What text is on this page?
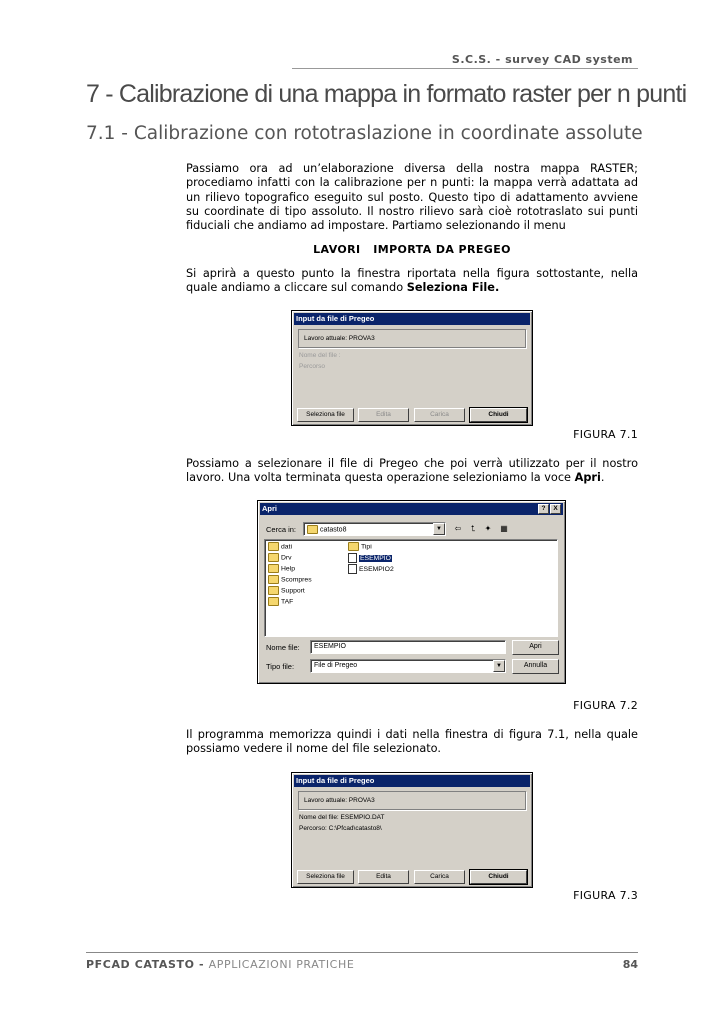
S.C.S. - survey CAD system
7 - Calibrazione di una mappa in formato raster per n punti
7.1 - Calibrazione con rototraslazione in coordinate assolute

Passiamo ora ad un’elaborazione diversa della nostra mappa RASTER; procediamo infatti con la calibrazione per n punti: la mappa verrà adattata ad un rilievo topografico eseguito sul posto. Questo tipo di adattamento avviene su coordinate di tipo assoluto. Il nostro rilievo sarà cioè rototraslato sui punti fiduciali che andiamo ad impostare. Partiamo selezionando il menu

LAVORI   IMPORTA DA PREGEO

Si aprirà a questo punto la finestra riportata nella figura sottostante, nella quale andiamo a cliccare sul comando Seleziona File.

Input da file di Pregeo
Lavoro attuale: PROVA3
Nome del file :
Percorso
Seleziona file	Edita	Carica	Chiudi
FIGURA 7.1

Possiamo a selezionare il file di Pregeo che poi verrà utilizzato per il nostro lavoro. Una volta terminata questa operazione selezioniamo la voce Apri.

Apri	?	X
Cerca in:	catasto8	▼	⇦	⮤	✦	▦
dati
Drv
Help
Scompres
Support
TAF
Tipi
ESEMPIO
ESEMPIO2
Nome file: ESEMPIO
Tipo file:	File di Pregeo	▼
Apri
Annulla
FIGURA 7.2

Il programma memorizza quindi i dati nella finestra di figura 7.1, nella quale possiamo vedere il nome del file selezionato.

Input da file di Pregeo
Lavoro attuale: PROVA3
Nome del file: ESEMPIO.DAT
Percorso: C:\Pfcad\catasto8\
Seleziona file	Edita	Carica	Chiudi
FIGURA 7.3
PFCAD CATASTO - APPLICAZIONI PRATICHE	84
